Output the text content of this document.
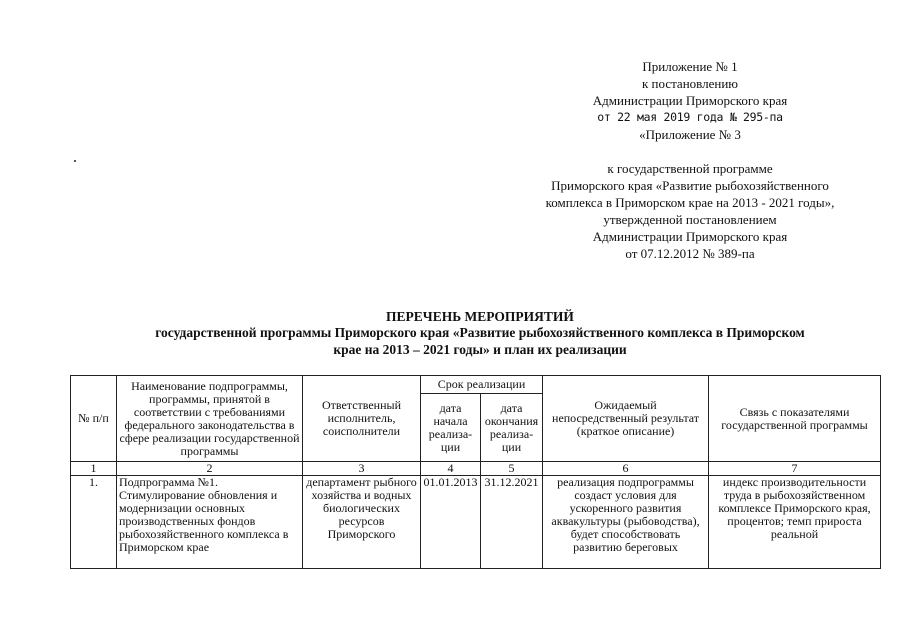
Приложение № 1
к постановлению
Администрации Приморского края
от 22 мая 2019 года № 295-па
«Приложение № 3
к государственной программе
Приморского края «Развитие рыбохозяйственного
комплекса в Приморском крае на 2013 - 2021 годы»,
утвержденной постановлением
Администрации Приморского края
от 07.12.2012 № 389-па
ПЕРЕЧЕНЬ МЕРОПРИЯТИЙ
государственной программы Приморского края «Развитие рыбохозяйственного комплекса в Приморском
крае на 2013 – 2021 годы» и план их реализации
№ п/п	Наименование подпрограммы, программы, принятой в соответствии с требованиями федерального законодательства в сфере реализации государственной программы	Ответственный исполнитель, соисполнители	Срок реализации		Ожидаемый непосредственный результат (краткое описание)	Связь с показателями государственной программы
			дата начала реализа-ции	дата окончания реализа-ции		
1	2	3	4	5	6	7
1.	Подпрограмма №1. Стимулирование обновления и модернизации основных производственных фондов рыбохозяйственного комплекса в Приморском крае	департамент рыбного хозяйства и водных биологических ресурсов Приморского	01.01.2013	31.12.2021	реализация подпрограммы создаст условия для ускоренного развития аквакультуры (рыбоводства), будет способствовать развитию береговых	индекс производительности труда в рыбохозяйственном комплексе Приморского края, процентов; темп прироста реальной
